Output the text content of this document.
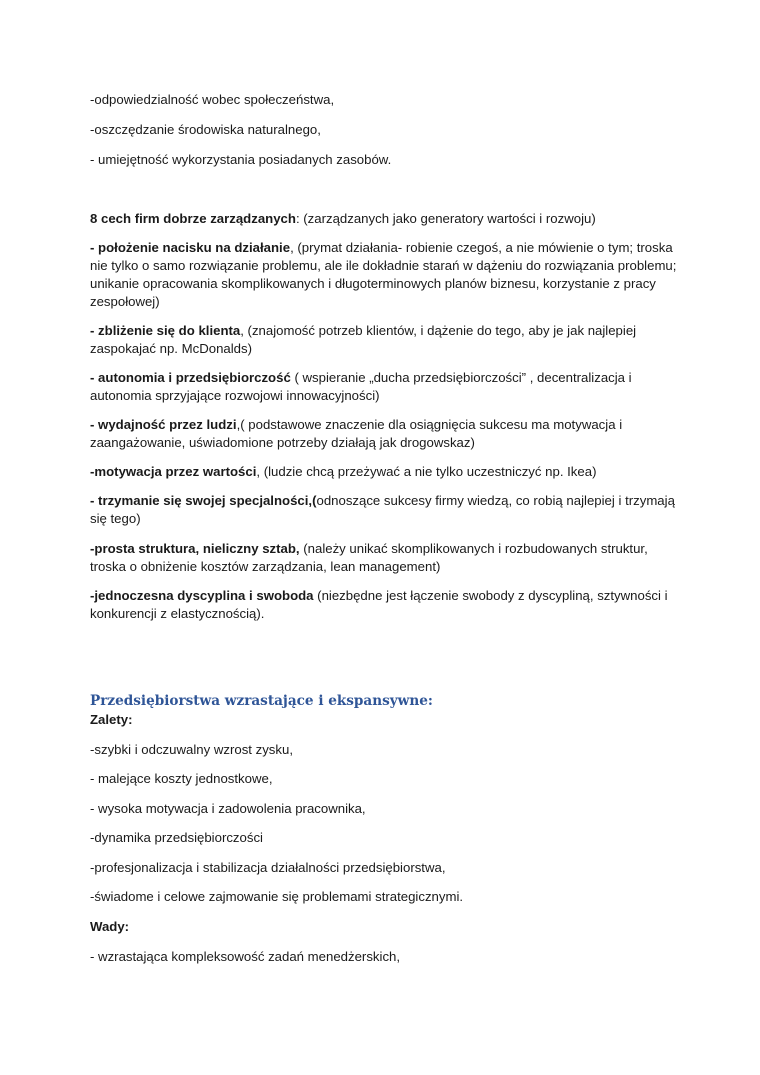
-odpowiedzialność wobec społeczeństwa,
-oszczędzanie środowiska naturalnego,
- umiejętność wykorzystania posiadanych zasobów.
8 cech firm dobrze zarządzanych: (zarządzanych jako generatory wartości i rozwoju)
- położenie nacisku na działanie, (prymat działania- robienie czegoś, a nie mówienie o tym; troska nie tylko o samo rozwiązanie problemu, ale ile dokładnie starań w dążeniu do rozwiązania problemu; unikanie opracowania skomplikowanych i długoterminowych planów biznesu, korzystanie z pracy zespołowej)
- zbliżenie się do klienta, (znajomość potrzeb klientów, i dążenie do tego, aby je jak najlepiej zaspokajać np. McDonalds)
- autonomia i przedsiębiorczość ( wspieranie „ducha przedsiębiorczości” , decentralizacja i autonomia sprzyjające rozwojowi innowacyjności)
- wydajność przez ludzi,( podstawowe znaczenie dla osiągnięcia sukcesu ma motywacja i zaangażowanie, uświadomione potrzeby działają jak drogowskaz)
-motywacja przez wartości, (ludzie chcą przeżywać a nie tylko uczestniczyć np. Ikea)
- trzymanie się swojej specjalności,(odnoszące sukcesy firmy wiedzą, co robią najlepiej i trzymają się tego)
-prosta struktura, nieliczny sztab, (należy unikać skomplikowanych i rozbudowanych struktur, troska o obniżenie kosztów zarządzania, lean management)
-jednoczesna dyscyplina i swoboda (niezbędne jest łączenie swobody z dyscypliną, sztywności i konkurencji z elastycznością).
Przedsiębiorstwa wzrastające i ekspansywne:
Zalety:
-szybki i odczuwalny wzrost zysku,
- malejące koszty jednostkowe,
- wysoka motywacja i zadowolenia pracownika,
-dynamika przedsiębiorczości
-profesjonalizacja i stabilizacja działalności przedsiębiorstwa,
-świadome i celowe zajmowanie się problemami strategicznymi.
Wady:
- wzrastająca kompleksowość zadań menedżerskich,
